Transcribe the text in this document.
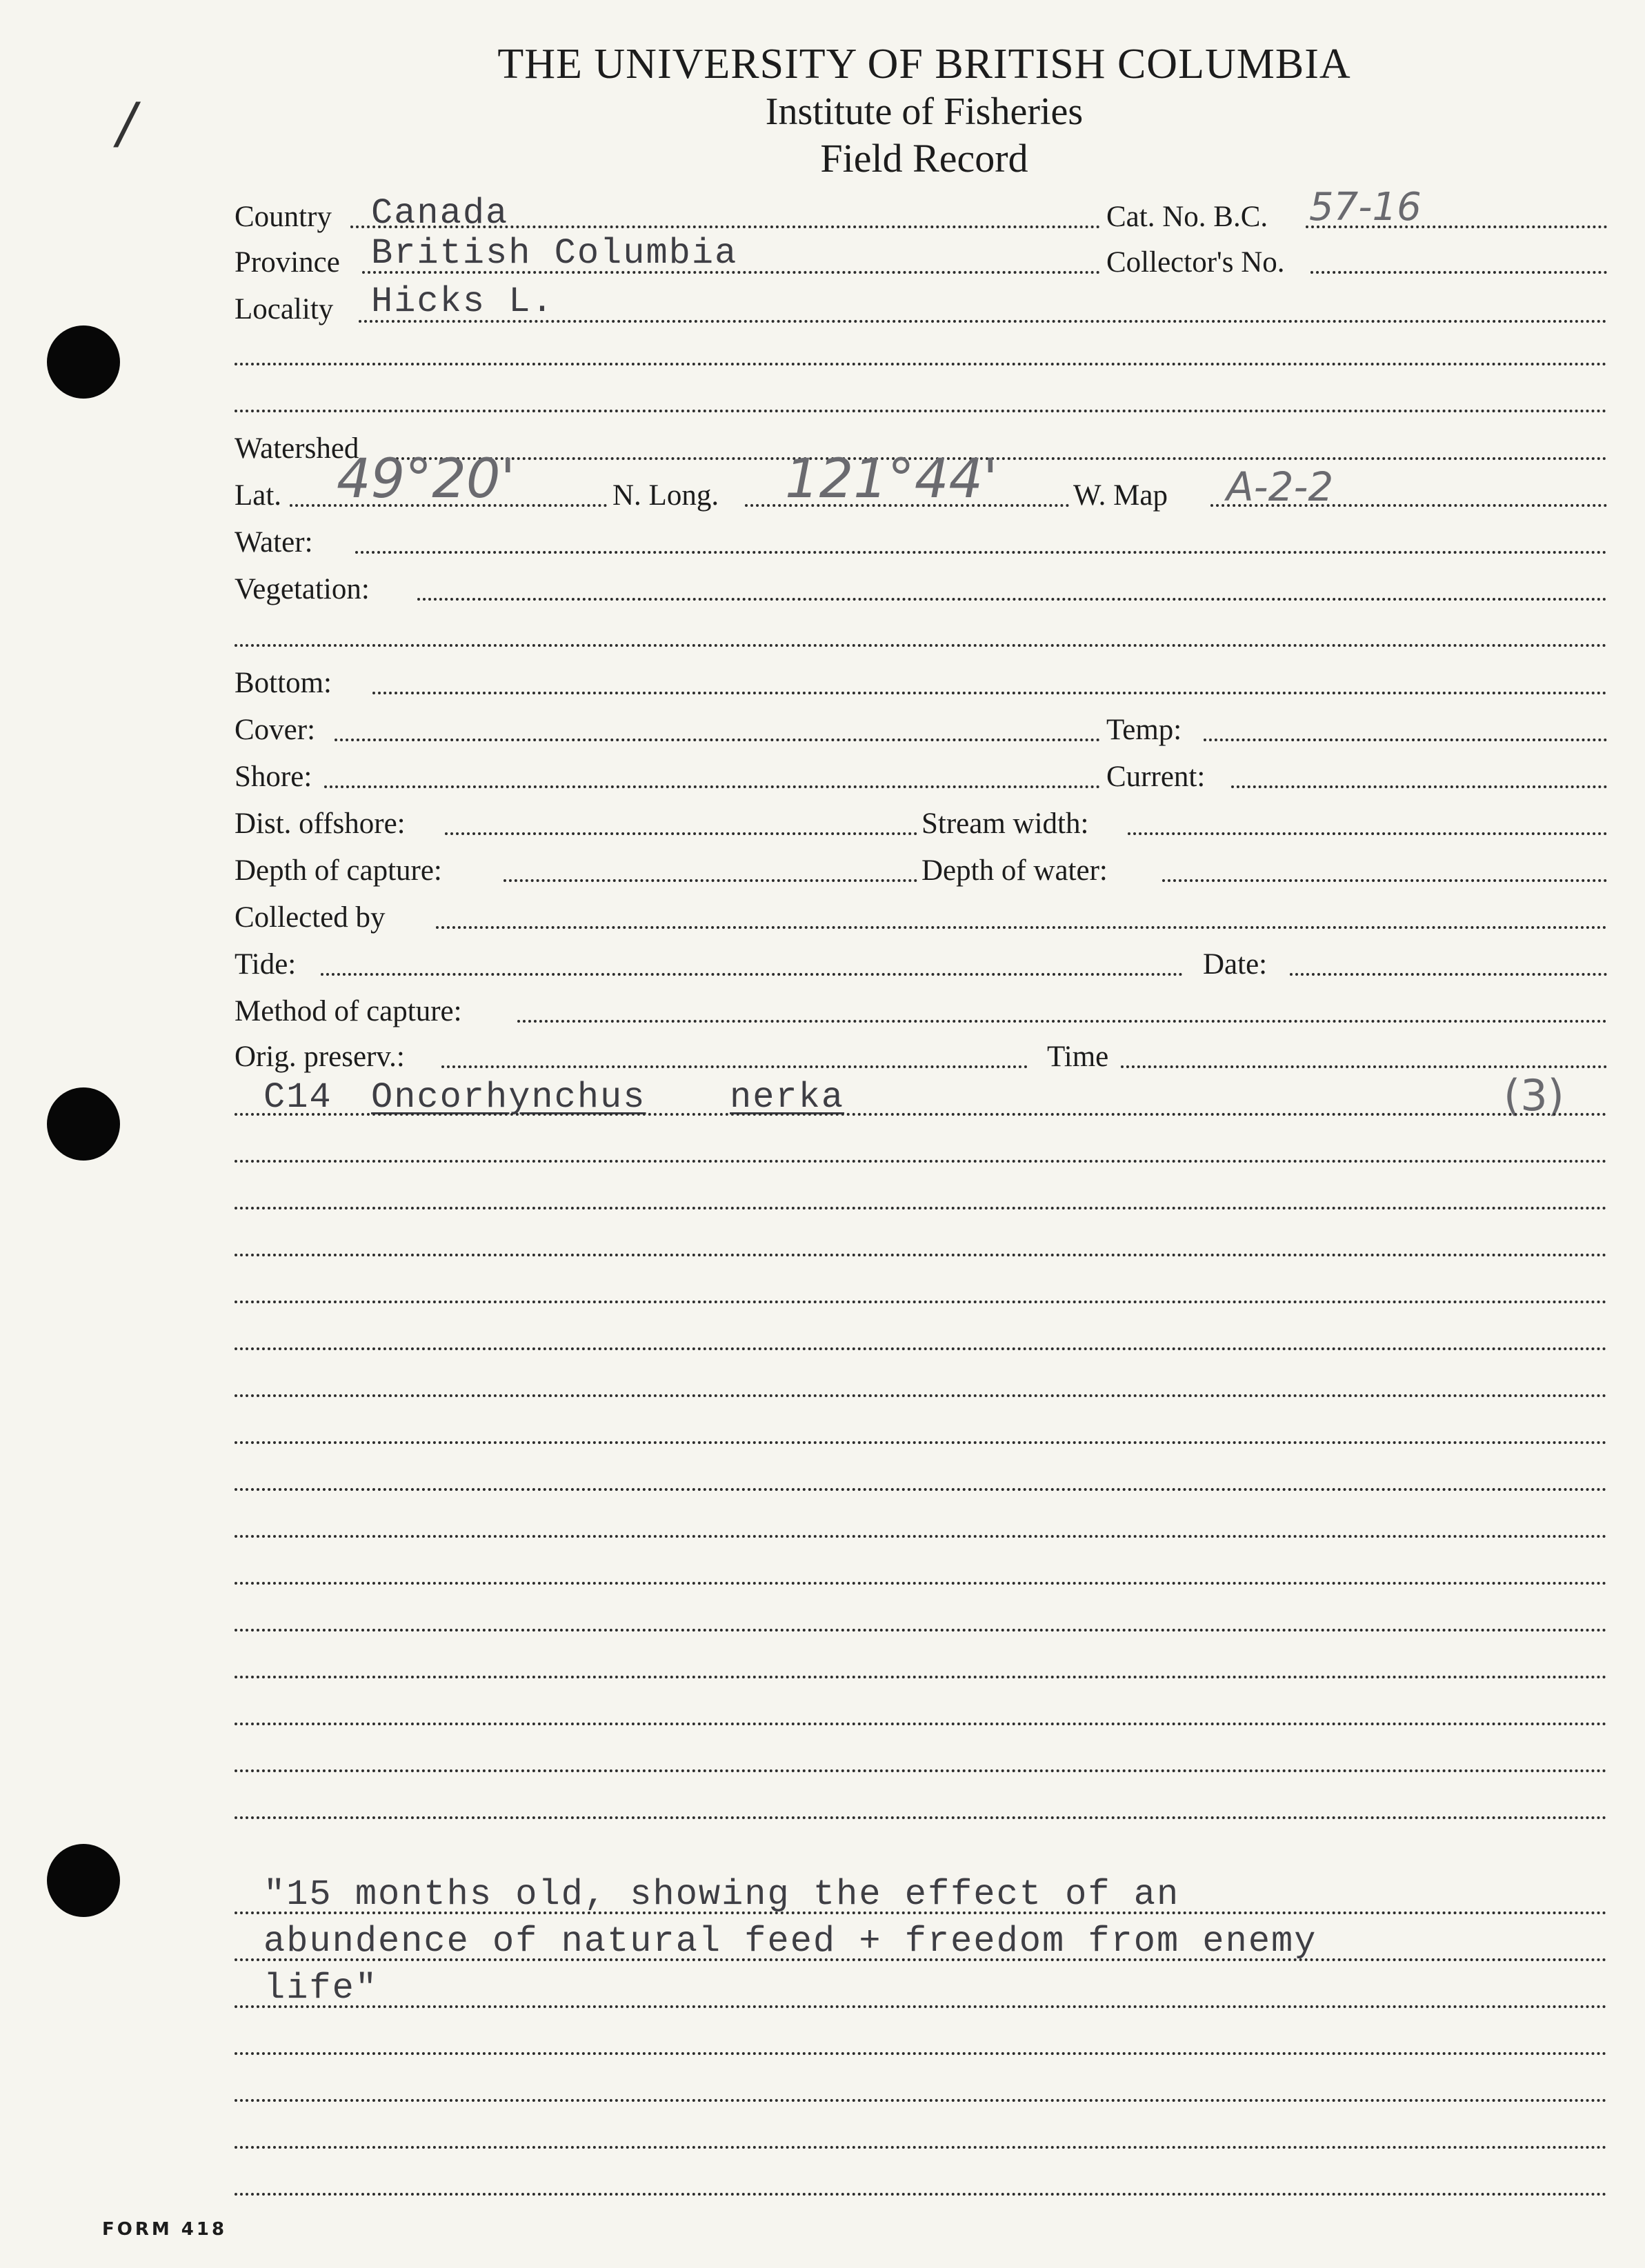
THE UNIVERSITY OF BRITISH COLUMBIA
Institute of Fisheries
Field Record
/
Country Canada	Cat. No. B.C. 57-16
Province British Columbia	Collector's No.
Locality Hicks L.
Watershed
Lat. 49°20'	N. Long. 121°44'	W. Map A-2-2
Water:
Vegetation:
Bottom:
Cover:	Temp:
Shore:	Current:
Dist. offshore:	Stream width:
Depth of capture:	Depth of water:
Collected by
Tide:	Date:
Method of capture:
Orig. preserv.:	Time
C14 Oncorhynchus nerka	(3)
"15 months old, showing the effect of an
abundence of natural feed + freedom from enemy
life"
FORM 418
